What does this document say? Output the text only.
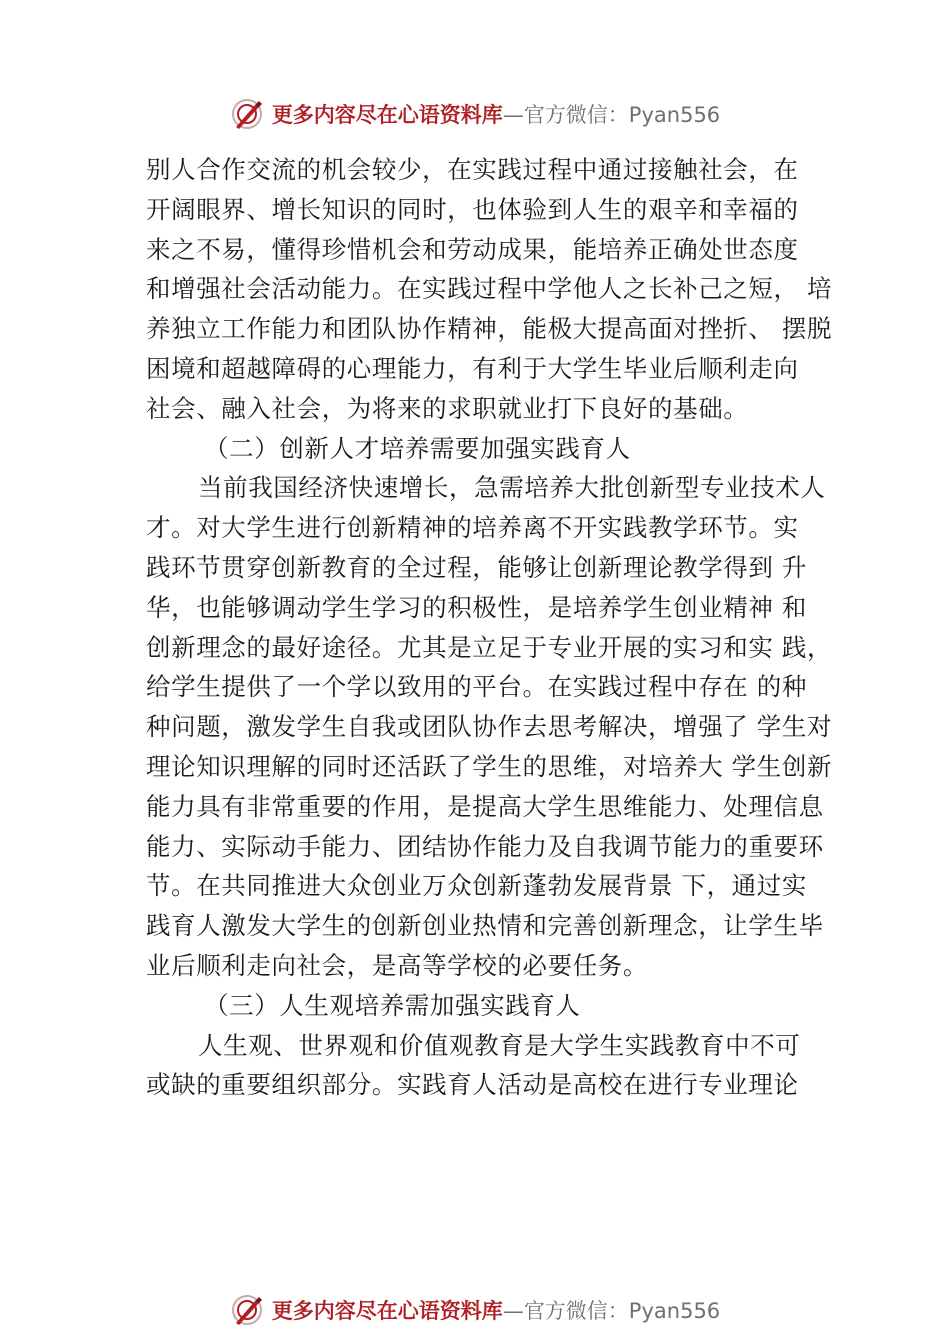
更多内容尽在心语资料库 —官方微信：Pyan556
别人合作交流的机会较少，在实践过程中通过接触社会，在
开阔眼界、增长知识的同时，也体验到人生的艰辛和幸福的
来之不易，懂得珍惜机会和劳动成果，能培养正确处世态度
和增强社会活动能力。在实践过程中学他人之长补己之短， 培
养独立工作能力和团队协作精神，能极大提高面对挫折、 摆脱
困境和超越障碍的心理能力，有利于大学生毕业后顺利走向
社会、融入社会，为将来的求职就业打下良好的基础。
（二）创新人才培养需要加强实践育人
当前我国经济快速增长，急需培养大批创新型专业技术人
才。对大学生进行创新精神的培养离不开实践教学环节。实
践环节贯穿创新教育的全过程，能够让创新理论教学得到 升
华，也能够调动学生学习的积极性，是培养学生创业精神 和
创新理念的最好途径。尤其是立足于专业开展的实习和实 践，
给学生提供了一个学以致用的平台。在实践过程中存在 的种
种问题，激发学生自我或团队协作去思考解决，增强了 学生对
理论知识理解的同时还活跃了学生的思维，对培养大 学生创新
能力具有非常重要的作用，是提高大学生思维能力、处理信息
能力、实际动手能力、团结协作能力及自我调节能力的重要环
节。在共同推进大众创业万众创新蓬勃发展背景 下，通过实
践育人激发大学生的创新创业热情和完善创新理念，让学生毕
业后顺利走向社会，是高等学校的必要任务。
（三）人生观培养需加强实践育人
人生观、世界观和价值观教育是大学生实践教育中不可
或缺的重要组织部分。实践育人活动是高校在进行专业理论
更多内容尽在心语资料库 —官方微信：Pyan556
